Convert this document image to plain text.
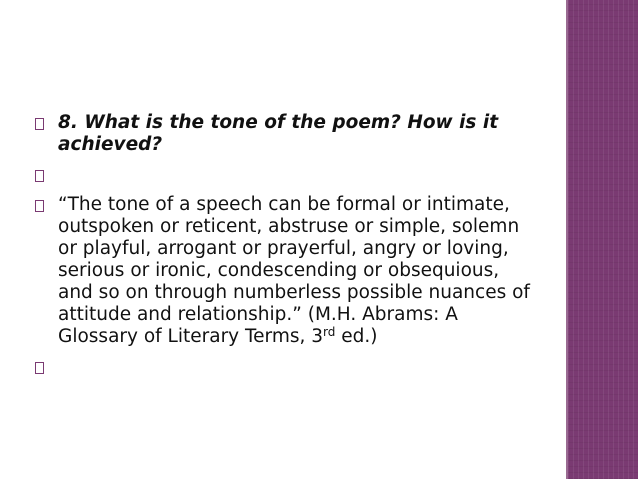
8. What is the tone of the poem? How is it achieved?
“The tone of a speech can be formal or intimate, outspoken or reticent, abstruse or simple, solemn or playful, arrogant or prayerful, angry or loving, serious or ironic, condescending or obsequious, and so on through numberless possible nuances of attitude and relationship.” (M.H. Abrams: A Glossary of Literary Terms, 3rd ed.)
